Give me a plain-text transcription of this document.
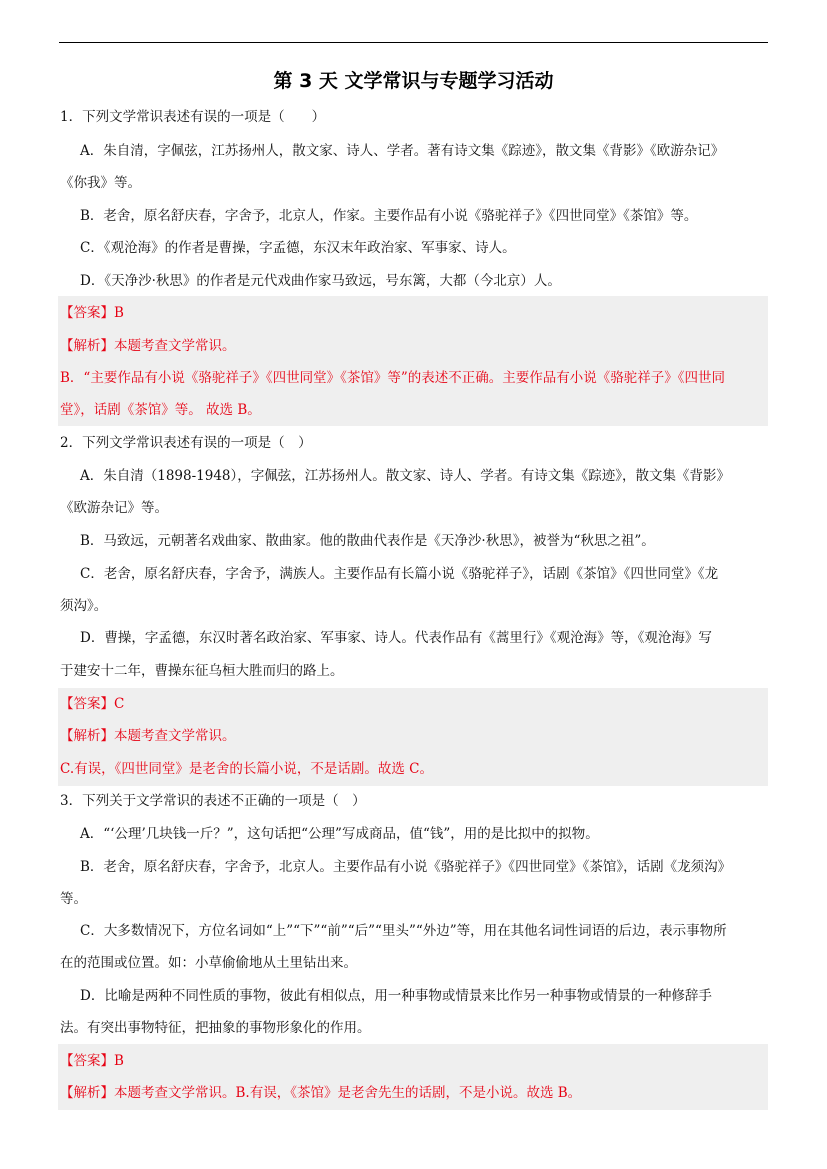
第 3 天 文学常识与专题学习活动
1．下列文学常识表述有误的一项是（　　）
A．朱自清，字佩弦，江苏扬州人，散文家、诗人、学者。著有诗文集《踪迹》，散文集《背影》《欧游杂记》
《你我》等。
B．老舍，原名舒庆春，字舍予，北京人，作家。主要作品有小说《骆驼祥子》《四世同堂》《茶馆》等。
C．《观沧海》的作者是曹操，字孟德，东汉末年政治家、军事家、诗人。
D．《天净沙·秋思》的作者是元代戏曲作家马致远，号东篱，大都（今北京）人。
【答案】B
【解析】本题考查文学常识。
B．“主要作品有小说《骆驼祥子》《四世同堂》《茶馆》等”的表述不正确。主要作品有小说《骆驼祥子》《四世同
堂》，话剧《茶馆》等。 故选 B。
2．下列文学常识表述有误的一项是（　）
A．朱自清（1898-1948），字佩弦，江苏扬州人。散文家、诗人、学者。有诗文集《踪迹》，散文集《背影》
《欧游杂记》等。
B．马致远，元朝著名戏曲家、散曲家。他的散曲代表作是《天净沙·秋思》，被誉为“秋思之祖”。
C．老舍，原名舒庆春，字舍予，满族人。主要作品有长篇小说《骆驼祥子》，话剧《茶馆》《四世同堂》《龙
须沟》。
D．曹操，字孟德，东汉时著名政治家、军事家、诗人。代表作品有《蒿里行》《观沧海》等，《观沧海》写
于建安十二年，曹操东征乌桓大胜而归的路上。
【答案】C
【解析】本题考查文学常识。
C.有误，《四世同堂》是老舍的长篇小说，不是话剧。故选 C。
3．下列关于文学常识的表述不正确的一项是（　）
A．“‘公理’几块钱一斤？”，这句话把“公理”写成商品，值“钱”，用的是比拟中的拟物。
B．老舍，原名舒庆春，字舍予，北京人。主要作品有小说《骆驼祥子》《四世同堂》《茶馆》，话剧《龙须沟》
等。
C．大多数情况下，方位名词如“上”“下”“前”“后”“里头”“外边”等，用在其他名词性词语的后边，表示事物所
在的范围或位置。如：小草偷偷地从土里钻出来。
D．比喻是两种不同性质的事物，彼此有相似点，用一种事物或情景来比作另一种事物或情景的一种修辞手
法。有突出事物特征，把抽象的事物形象化的作用。
【答案】B
【解析】本题考查文学常识。B.有误，《茶馆》是老舍先生的话剧，不是小说。故选 B。
